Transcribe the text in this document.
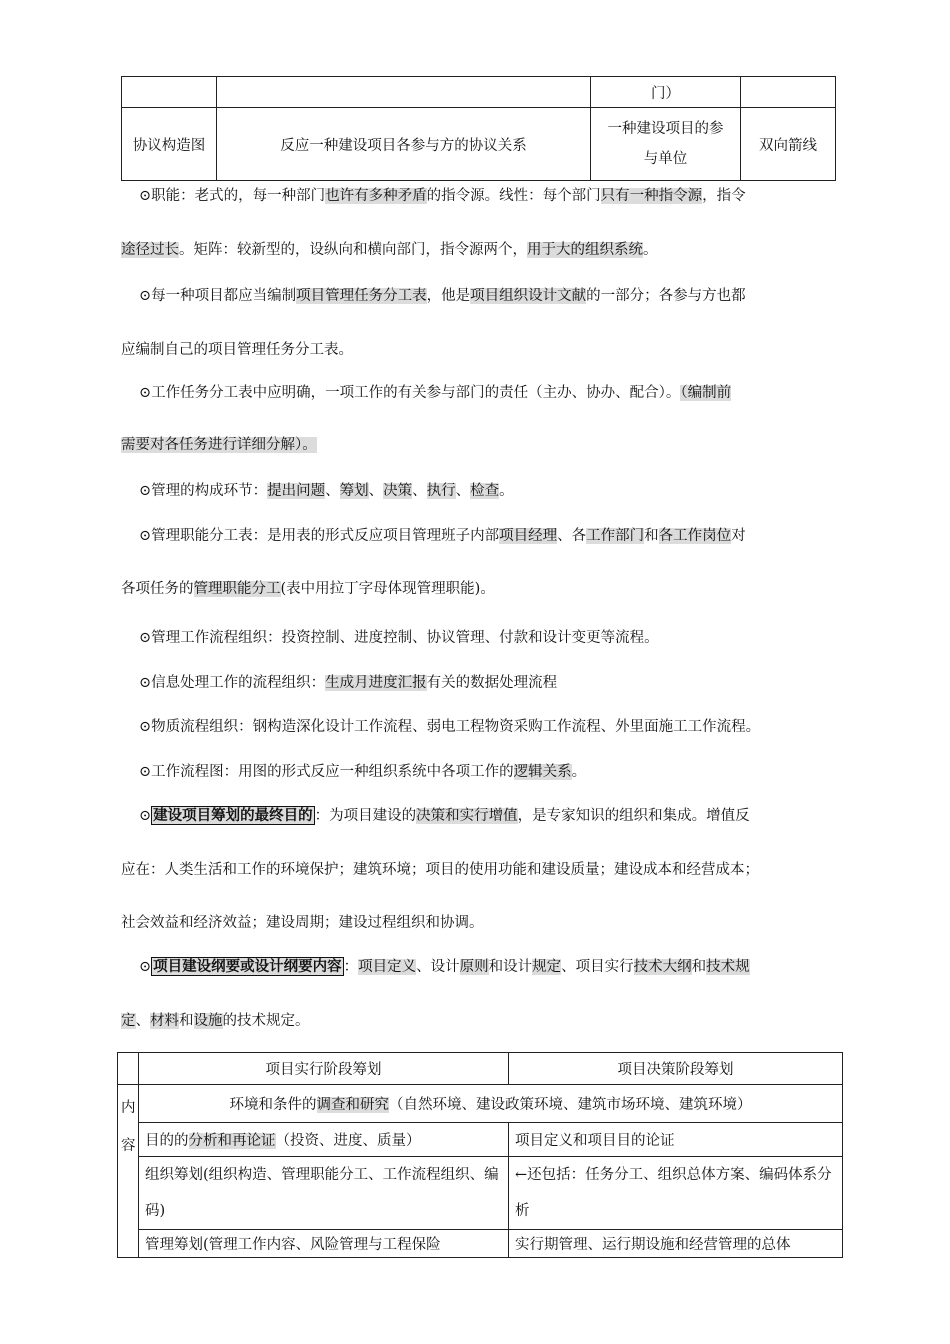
		门）	
协议构造图	反应一种建设项目各参与方的协议关系	一种建设项目的参
与单位	双向箭线
⊙职能：老式的，每一种部门也许有多种矛盾的指令源。线性：每个部门只有一种指令源，指令
途径过长。矩阵：较新型的，设纵向和横向部门，指令源两个，用于大的组织系统。
⊙每一种项目都应当编制项目管理任务分工表，他是项目组织设计文献的一部分；各参与方也都
应编制自己的项目管理任务分工表。
⊙工作任务分工表中应明确，一项工作的有关参与部门的责任（主办、协办、配合）。（编制前
需要对各任务进行详细分解）。
⊙管理的构成环节：提出问题、筹划、决策、执行、检查。
⊙管理职能分工表：是用表的形式反应项目管理班子内部项目经理、各工作部门和各工作岗位对
各项任务的管理职能分工(表中用拉丁字母体现管理职能)。
⊙管理工作流程组织：投资控制、进度控制、协议管理、付款和设计变更等流程。
⊙信息处理工作的流程组织：生成月进度汇报有关的数据处理流程
⊙物质流程组织：钢构造深化设计工作流程、弱电工程物资采购工作流程、外里面施工工作流程。
⊙工作流程图：用图的形式反应一种组织系统中各项工作的逻辑关系。
⊙ 建设项目筹划的最终目的 ：为项目建设的决策和实行增值，是专家知识的组织和集成。增值反
应在：人类生活和工作的环境保护；建筑环境；项目的使用功能和建设质量；建设成本和经营成本；
社会效益和经济效益；建设周期；建设过程组织和协调。
⊙ 项目建设纲要或设计纲要内容 ：项目定义、设计原则和设计规定、项目实行技术大纲和技术规
定、材料和设施的技术规定。
	项目实行阶段筹划	项目决策阶段筹划

内容	环境和条件的调查和研究（自然环境、建设政策环境、建筑市场环境、建筑环境）	
	目的的分析和再论证（投资、进度、质量）	项目定义和项目目的论证
	组织筹划(组织构造、管理职能分工、工作流程组织、编码)	←还包括：任务分工、组织总体方案、编码体系分析
	管理筹划(管理工作内容、风险管理与工程保险	实行期管理、运行期设施和经营管理的总体
